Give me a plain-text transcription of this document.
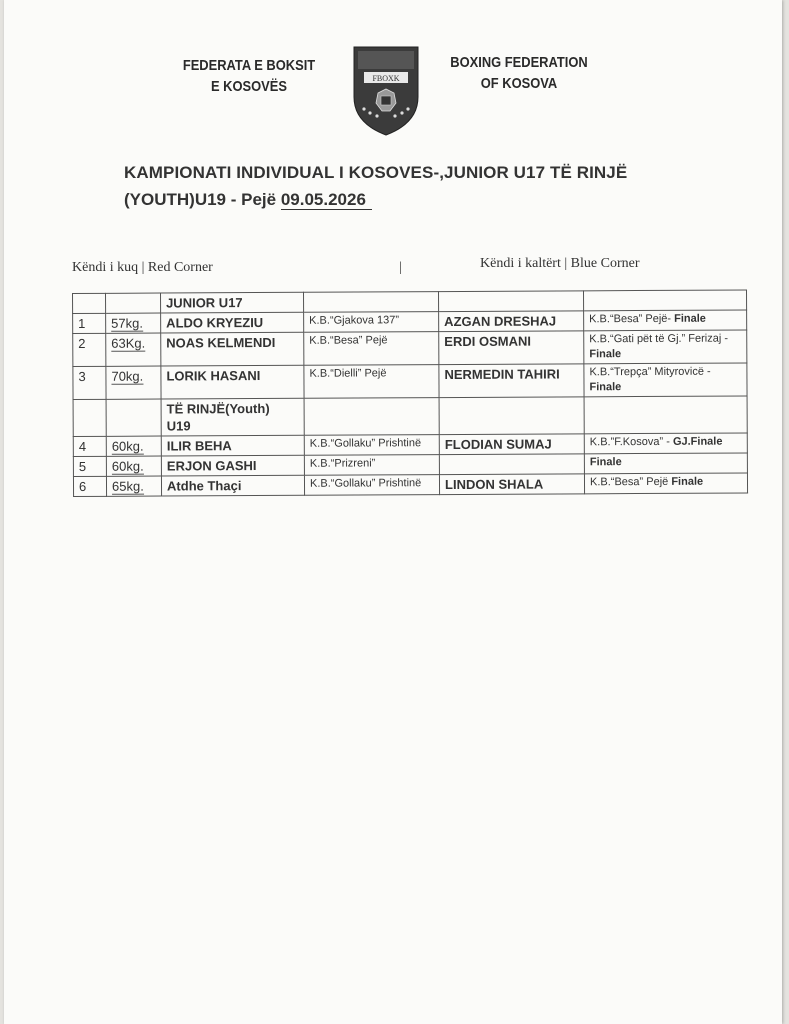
FEDERATA E BOKSIT
E KOSOVËS	FBOXK
BOXING FEDERATION
OF KOSOVA
KAMPIONATI INDIVIDUAL I KOSOVES-,JUNIOR U17 TË RINJË
(YOUTH)U19 - Pejë 09.05.2026
Këndi i kuq | Red Corner	|	Këndi i kaltërt | Blue Corner
		JUNIOR U17			
1	57kg.	ALDO KRYEZIU	K.B.“Gjakova 137”	AZGAN DRESHAJ	K.B.“Besa” Pejë- Finale
2	63Kg.	NOAS KELMENDI	K.B.“Besa” Pejë	ERDI OSMANI	K.B.“Gati pët të Gj.” Ferizaj - Finale
3	70kg.	LORIK HASANI	K.B.“Dielli” Pejë	NERMEDIN TAHIRI	K.B.“Trepça” Mityrovicë - Finale

		TË RINJË(Youth)
U19			

4	60kg.	ILIR BEHA	K.B.“Gollaku” Prishtinë	FLODIAN SUMAJ	K.B.”F.Kosova” - GJ.Finale
5	60kg.	ERJON GASHI	K.B.“Prizreni”		Finale
6	65kg.	Atdhe Thaçi	K.B.“Gollaku” Prishtinë	LINDON SHALA	K.B.“Besa” Pejë Finale
